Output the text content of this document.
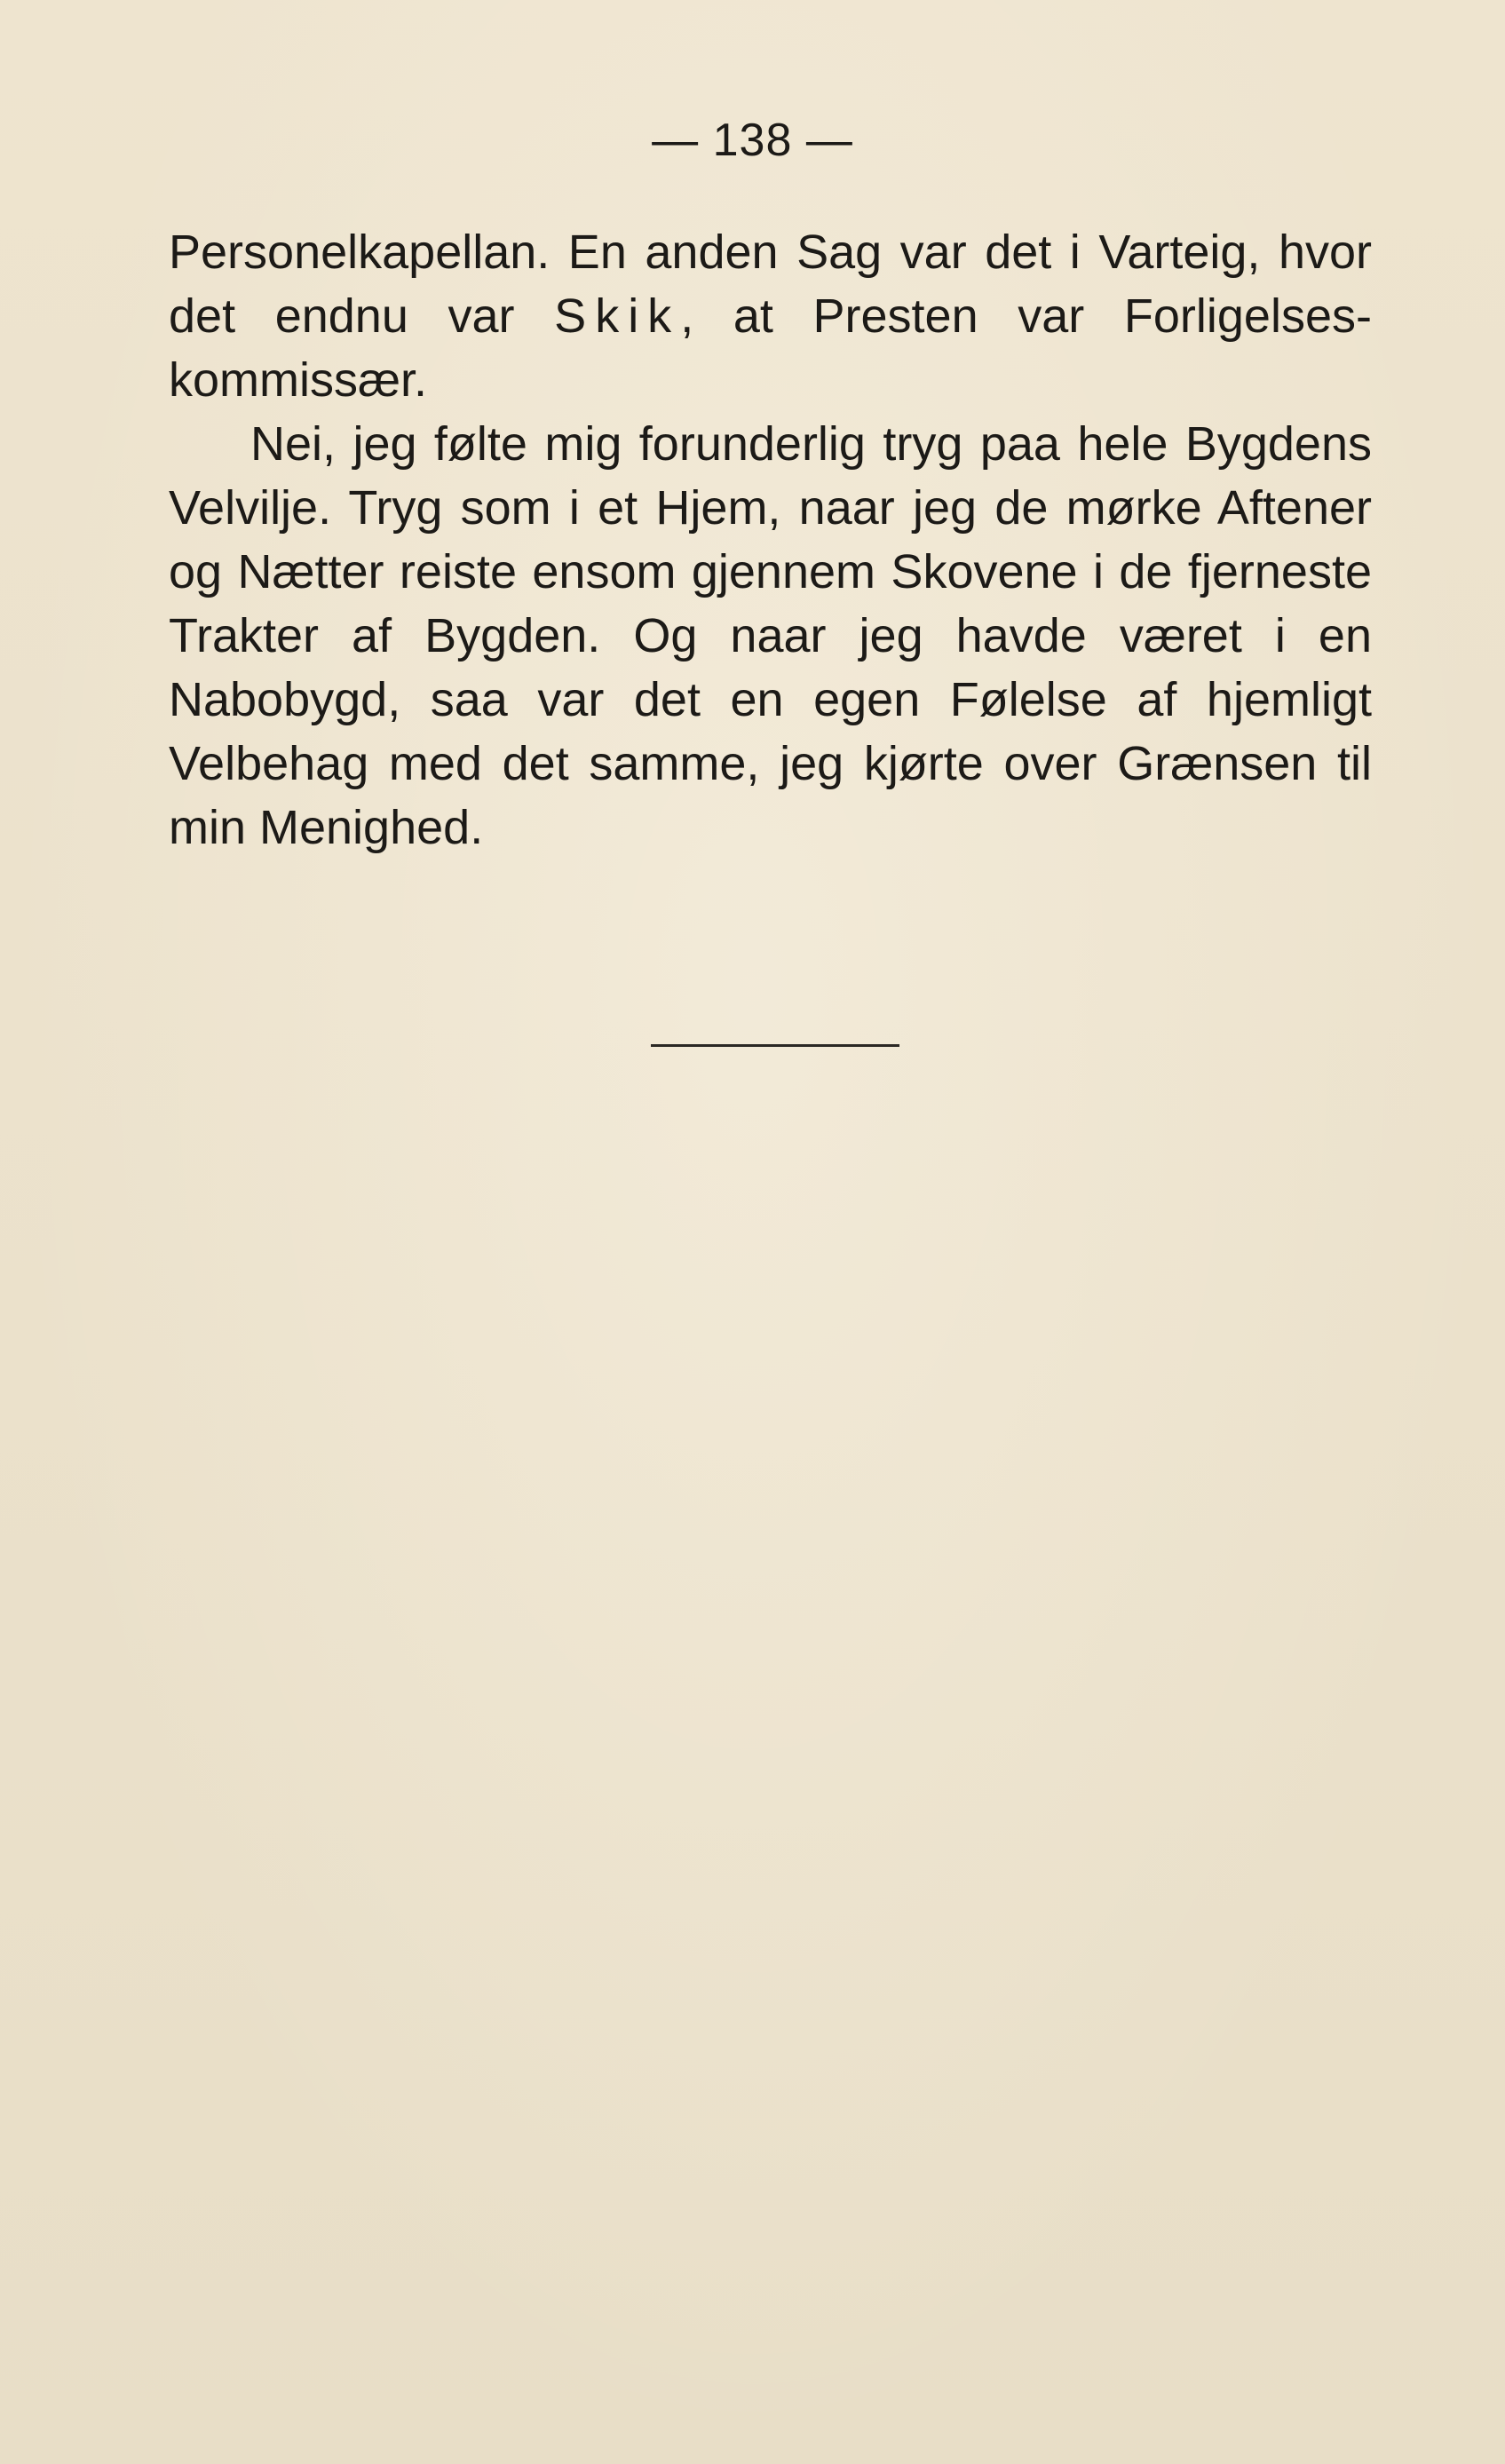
— 138 —

Personelkapellan. En anden Sag var det i Varteig, hvor det endnu var Skik, at Presten var Forligelseskommissær.

Nei, jeg følte mig forunderlig tryg paa hele Bygdens Velvilje. Tryg som i et Hjem, naar jeg de mørke Aftener og Nætter reiste ensom gjennem Skovene i de fjerneste Trakter af Bygden. Og naar jeg havde været i en Nabobygd, saa var det en egen Følelse af hjemligt Velbehag med det samme, jeg kjørte over Grænsen til min Menighed.
